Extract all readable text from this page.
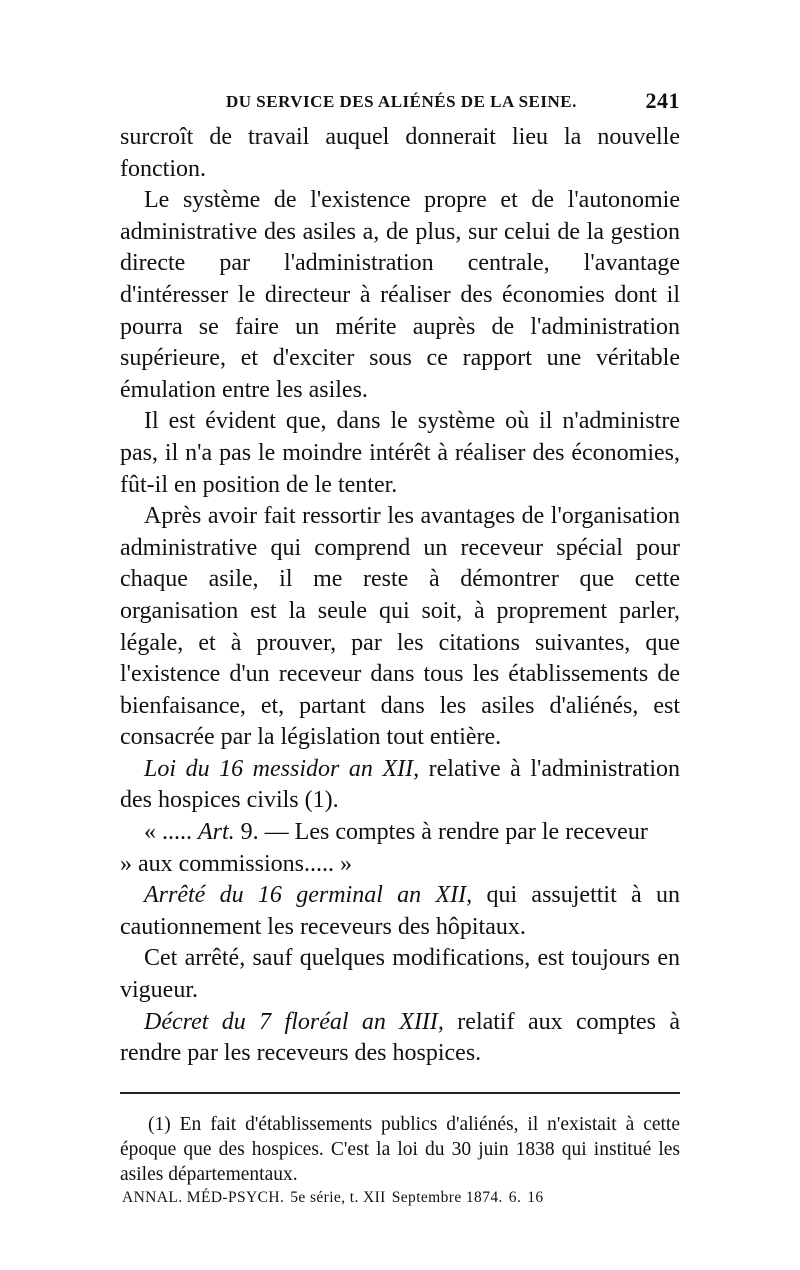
DU SERVICE DES ALIÉNÉS DE LA SEINE.	241

surcroît de travail auquel donnerait lieu la nouvelle fonction.

Le système de l'existence propre et de l'autonomie administrative des asiles a, de plus, sur celui de la gestion directe par l'administration centrale, l'avantage d'intéresser le directeur à réaliser des économies dont il pourra se faire un mérite auprès de l'administration supérieure, et d'exciter sous ce rapport une véritable émulation entre les asiles.

Il est évident que, dans le système où il n'administre pas, il n'a pas le moindre intérêt à réaliser des économies, fût-il en position de le tenter.

Après avoir fait ressortir les avantages de l'organisation administrative qui comprend un receveur spécial pour chaque asile, il me reste à démontrer que cette organisation est la seule qui soit, à proprement parler, légale, et à prouver, par les citations suivantes, que l'existence d'un receveur dans tous les établissements de bienfaisance, et, partant dans les asiles d'aliénés, est consacrée par la législation tout entière.

Loi du 16 messidor an XII, relative à l'administration des hospices civils (1).

« ..... Art. 9. — Les comptes à rendre par le receveur

» aux commissions..... »

Arrêté du 16 germinal an XII, qui assujettit à un cautionnement les receveurs des hôpitaux.

Cet arrêté, sauf quelques modifications, est toujours en vigueur.

Décret du 7 floréal an XIII, relatif aux comptes à rendre par les receveurs des hospices.

(1) En fait d'établissements publics d'aliénés, il n'existait à cette époque que des hospices. C'est la loi du 30 juin 1838 qui institué les asiles départementaux.

ANNAL. MÉD-PSYCH. 5e série, t. XII Septembre 1874. 6. 16
